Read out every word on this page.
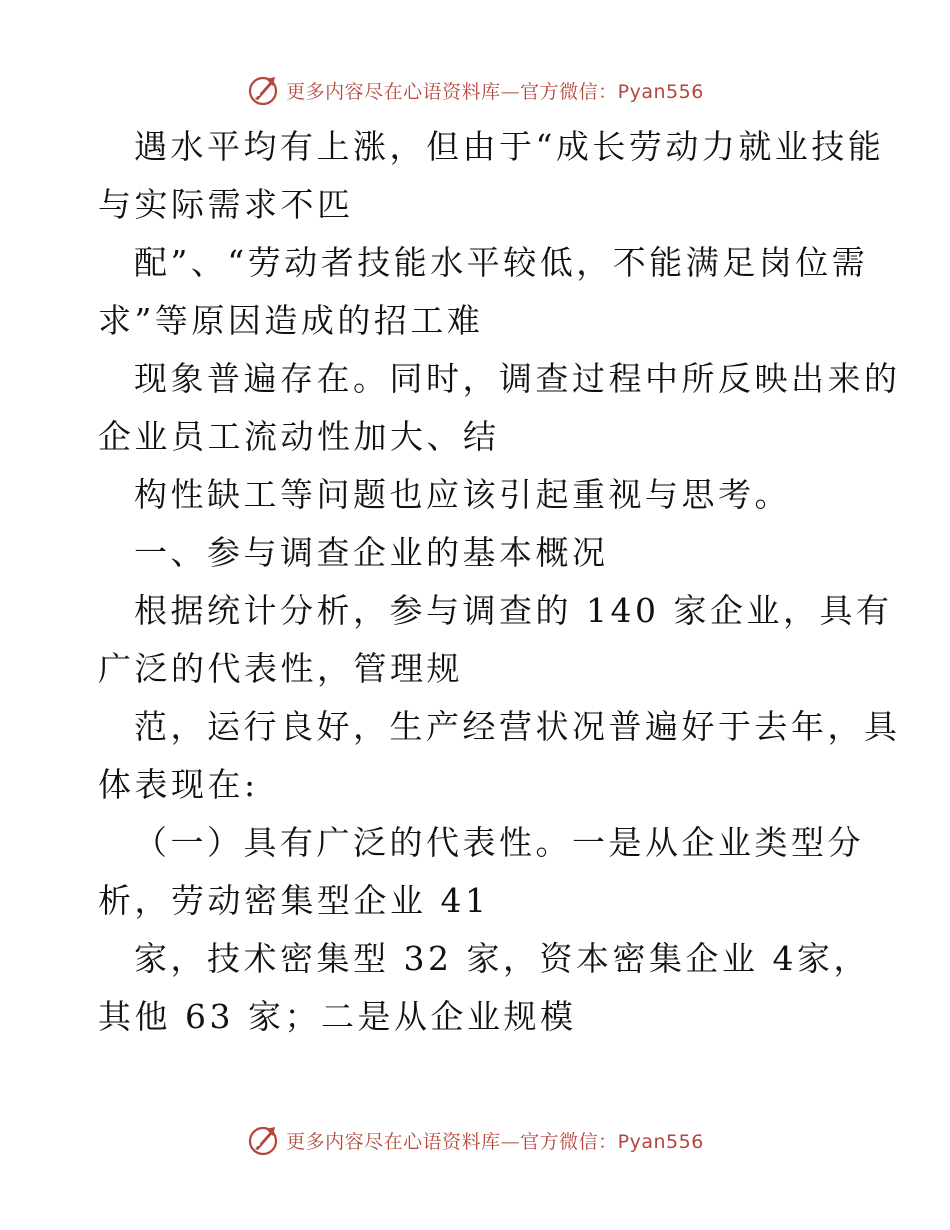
更多内容尽在心语资料库—官方微信：Pyan556

遇水平均有上涨，但由于“成长劳动力就业技能

与实际需求不匹

配”、“劳动者技能水平较低，不能满足岗位需

求”等原因造成的招工难

现象普遍存在。同时，调查过程中所反映出来的

企业员工流动性加大、结

构性缺工等问题也应该引起重视与思考。

一、参与调查企业的基本概况

根据统计分析，参与调查的 140 家企业，具有

广泛的代表性，管理规

范，运行良好，生产经营状况普遍好于去年，具

体表现在:

（一）具有广泛的代表性。一是从企业类型分

析，劳动密集型企业 41

家，技术密集型 32 家，资本密集企业 4家，

其他 63 家；二是从企业规模

更多内容尽在心语资料库—官方微信：Pyan556
